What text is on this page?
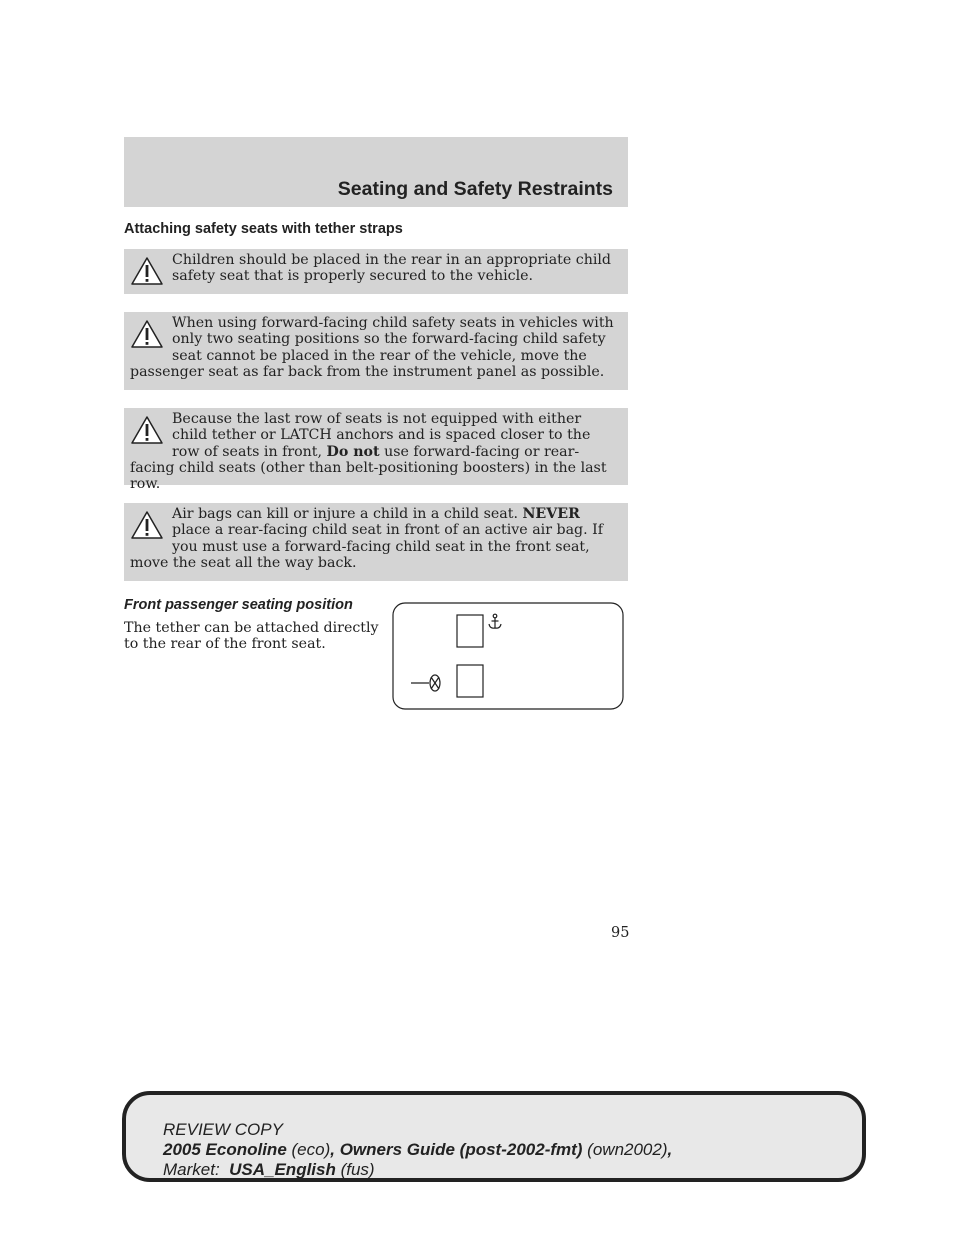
Seating and Safety Restraints
Attaching safety seats with tether straps
Children should be placed in the rear in an appropriate child safety seat that is properly secured to the vehicle.
When using forward-facing child safety seats in vehicles with only two seating positions so the forward-facing child safety seat cannot be placed in the rear of the vehicle, move the passenger seat as far back from the instrument panel as possible.
Because the last row of seats is not equipped with either child tether or LATCH anchors and is spaced closer to the row of seats in front, Do not use forward-facing or rear-facing child seats (other than belt-positioning boosters) in the last row.
Air bags can kill or injure a child in a child seat. NEVER place a rear-facing child seat in front of an active air bag. If you must use a forward-facing child seat in the front seat, move the seat all the way back.
Front passenger seating position
The tether can be attached directly to the rear of the front seat.
95
REVIEW COPY
2005 Econoline (eco), Owners Guide (post-2002-fmt) (own2002),
Market:  USA_English (fus)
